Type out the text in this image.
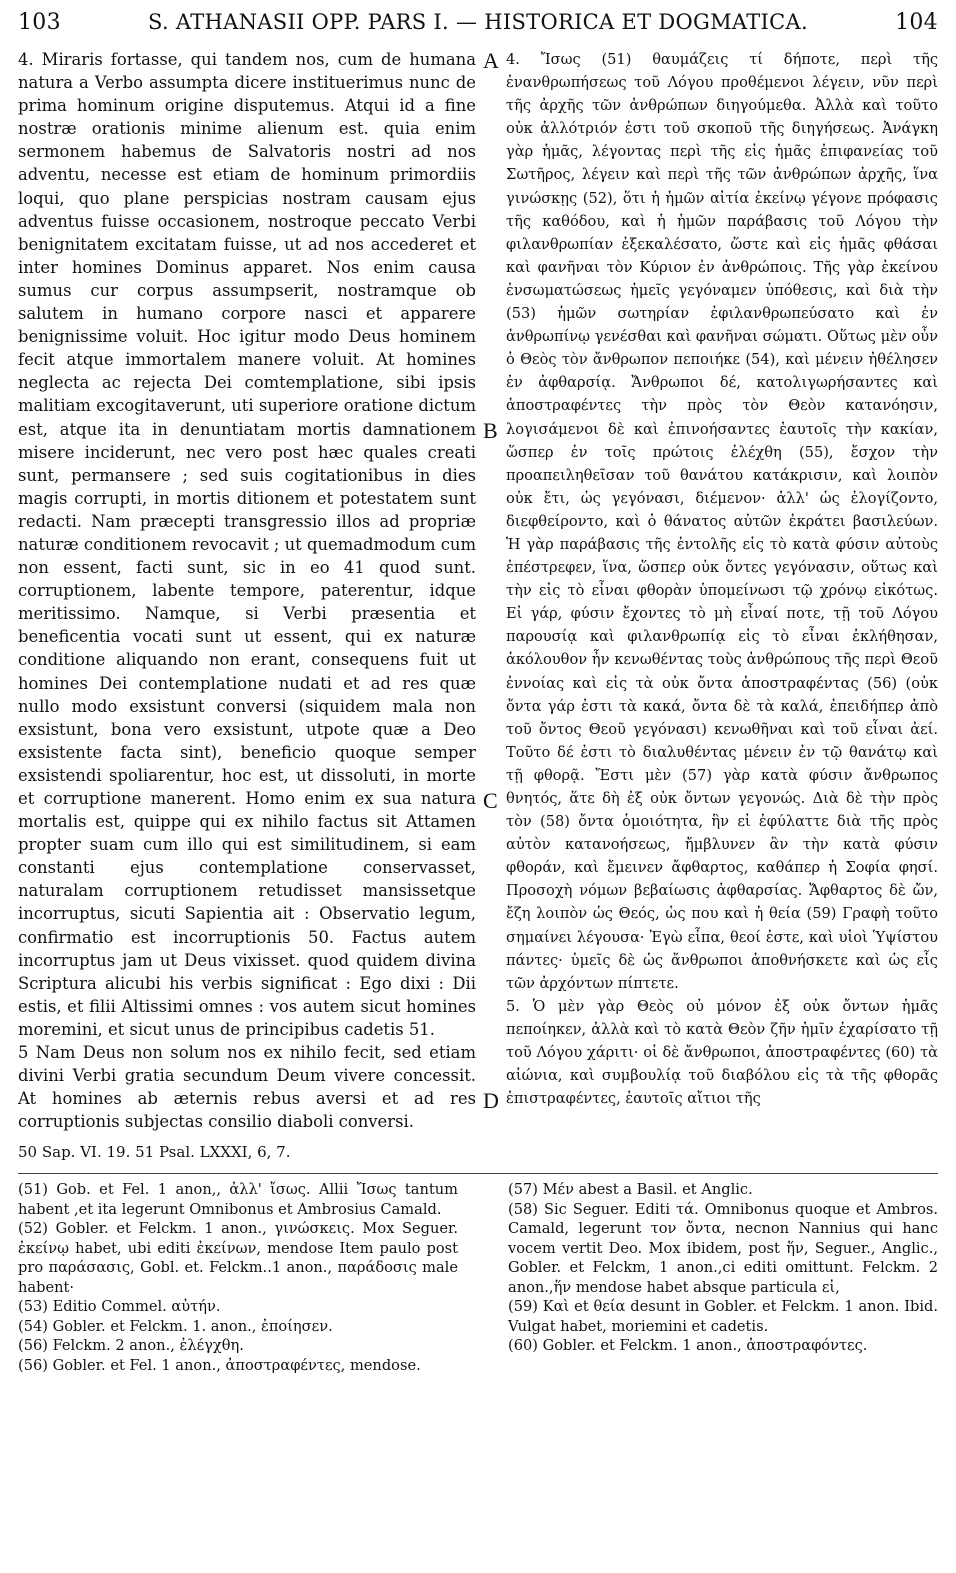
103	S. ATHANASII OPP. PARS I. — HISTORICA ET DOGMATICA.	104

4. Miraris fortasse, qui tandem nos, cum de humana natura a Verbo assumpta dicere instituerimus nunc de prima hominum origine disputemus. Atqui id a fine nostræ orationis minime alienum est. quia enim sermonem habemus de Salvatoris nostri ad nos adventu, necesse est etiam de hominum primordiis loqui, quo plane perspicias nostram causam ejus adventus fuisse occasionem, nostroque peccato Verbi benignitatem excitatam fuisse, ut ad nos accederet et inter homines Dominus apparet. Nos enim causa sumus cur corpus assumpserit, nostramque ob salutem in humano corpore nasci et apparere benignissime voluit. Hoc igitur modo Deus hominem fecit atque immortalem manere voluit. At homines neglecta ac rejecta Dei comtemplatione, sibi ipsis malitiam excogitaverunt, uti superiore oratione dictum est, atque ita in denuntiatam mortis damnationem misere inciderunt, nec vero post hæc quales creati sunt, permansere ; sed suis cogitationibus in dies magis corrupti, in mortis ditionem et potestatem sunt redacti. Nam præcepti transgressio illos ad propriæ naturæ conditionem revocavit ; ut quemadmodum cum non essent, facti sunt, sic in eo 41 quod sunt. corruptionem, labente tempore, paterentur, idque meritissimo. Namque, si Verbi præsentia et beneficentia vocati sunt ut essent, qui ex naturæ conditione aliquando non erant, consequens fuit ut homines Dei contemplatione nudati et ad res quæ nullo modo exsistunt conversi (siquidem mala non exsistunt, bona vero exsistunt, utpote quæ a Deo exsistente facta sint), beneficio quoque semper exsistendi spoliarentur, hoc est, ut dissoluti, in morte et corruptione manerent. Homo enim ex sua natura mortalis est, quippe qui ex nihilo factus sit Attamen propter suam cum illo qui est similitudinem, si eam constanti ejus contemplatione conservasset, naturalam corruptionem retudisset mansissetque incorruptus, sicuti Sapientia ait : Observatio legum, confirmatio est incorruptionis 50. Factus autem incorruptus jam ut Deus vixisset. quod quidem divina Scriptura alicubi his verbis significat : Ego dixi : Dii estis, et filii Altissimi omnes : vos autem sicut homines moremini, et sicut unus de principibus cadetis 51.

5 Nam Deus non solum nos ex nihilo fecit, sed etiam divini Verbi gratia secundum Deum vivere concessit. At homines ab æternis rebus aversi et ad res corruptionis subjectas consilio diaboli conversi.

A
B
C
D

4. Ἴσως (51) θαυμάζεις τί δήποτε, περὶ τῆς ἐνανθρωπήσεως τοῦ Λόγου προθέμενοι λέγειν, νῦν περὶ τῆς ἀρχῆς τῶν ἀνθρώπων διηγούμεθα. Ἀλλὰ καὶ τοῦτο οὐκ ἀλλότριόν ἐστι τοῦ σκοποῦ τῆς διηγήσεως. Ἀνάγκη γὰρ ἡμᾶς, λέγοντας περὶ τῆς εἰς ἡμᾶς ἐπιφανείας τοῦ Σωτῆρος, λέγειν καὶ περὶ τῆς τῶν ἀνθρώπων ἀρχῆς, ἵνα γινώσκῃς (52), ὅτι ἡ ἡμῶν αἰτία ἐκείνῳ γέγονε πρόφασις τῆς καθόδου, καὶ ἡ ἡμῶν παράβασις τοῦ Λόγου τὴν φιλανθρωπίαν ἐξεκαλέσατο, ὥστε καὶ εἰς ἡμᾶς φθάσαι καὶ φανῆναι τὸν Κύριον ἐν ἀνθρώποις. Τῆς γὰρ ἐκείνου ἐνσωματώσεως ἡμεῖς γεγόναμεν ὑπόθεσις, καὶ διὰ τὴν (53) ἡμῶν σωτηρίαν ἐφιλανθρωπεύσατο καὶ ἐν ἀνθρωπίνῳ γενέσθαι καὶ φανῆναι σώματι. Οὕτως μὲν οὖν ὁ Θεὸς τὸν ἄνθρωπον πεποιήκε (54), καὶ μένειν ἠθέλησεν ἐν ἀφθαρσίᾳ. Ἄνθρωποι δέ, κατολιγωρήσαντες καὶ ἀποστραφέντες τὴν πρὸς τὸν Θεὸν κατανόησιν, λογισάμενοι δὲ καὶ ἐπινοήσαντες ἑαυτοῖς τὴν κακίαν, ὥσπερ ἐν τοῖς πρώτοις ἐλέχθη (55), ἔσχον τὴν προαπειληθεῖσαν τοῦ θανάτου κατάκρισιν, καὶ λοιπὸν οὐκ ἔτι, ὡς γεγόνασι, διέμενον· ἀλλ' ὡς ἐλογίζοντο, διεφθείροντο, καὶ ὁ θάνατος αὐτῶν ἐκράτει βασιλεύων. Ἡ γὰρ παράβασις τῆς ἐντολῆς εἰς τὸ κατὰ φύσιν αὐτοὺς ἐπέστρεφεν, ἵνα, ὥσπερ οὐκ ὄντες γεγόνασιν, οὕτως καὶ τὴν εἰς τὸ εἶναι φθορὰν ὑπομείνωσι τῷ χρόνῳ εἰκότως. Εἰ γάρ, φύσιν ἔχοντες τὸ μὴ εἶναί ποτε, τῇ τοῦ Λόγου παρουσίᾳ καὶ φιλανθρωπίᾳ εἰς τὸ εἶναι ἐκλήθησαν, ἀκόλουθον ἦν κενωθέντας τοὺς ἀνθρώπους τῆς περὶ Θεοῦ ἐννοίας καὶ εἰς τὰ οὐκ ὄντα ἀποστραφέντας (56) (οὐκ ὄντα γάρ ἐστι τὰ κακά, ὄντα δὲ τὰ καλά, ἐπειδήπερ ἀπὸ τοῦ ὄντος Θεοῦ γεγόνασι) κενωθῆναι καὶ τοῦ εἶναι ἀεί. Τοῦτο δέ ἐστι τὸ διαλυθέντας μένειν ἐν τῷ θανάτῳ καὶ τῇ φθορᾷ. Ἔστι μὲν (57) γὰρ κατὰ φύσιν ἄνθρωπος θνητός, ἅτε δὴ ἐξ οὐκ ὄντων γεγονώς. Διὰ δὲ τὴν πρὸς τὸν (58) ὄντα ὁμοιότητα, ἣν εἰ ἐφύλαττε διὰ τῆς πρὸς αὐτὸν κατανοήσεως, ἤμβλυνεν ἂν τὴν κατὰ φύσιν φθοράν, καὶ ἔμεινεν ἄφθαρτος, καθάπερ ἡ Σοφία φησί. Προσοχὴ νόμων βεβαίωσις ἀφθαρσίας. Ἄφθαρτος δὲ ὤν, ἔζη λοιπὸν ὡς Θεός, ὡς που καὶ ἡ θεία (59) Γραφὴ τοῦτο σημαίνει λέγουσα· Ἐγὼ εἶπα, θεοί ἐστε, καὶ υἱοὶ Ὑψίστου πάντες· ὑμεῖς δὲ ὡς ἄνθρωποι ἀποθνήσκετε καὶ ὡς εἷς τῶν ἀρχόντων πίπτετε.

5. Ὁ μὲν γὰρ Θεὸς οὐ μόνον ἐξ οὐκ ὄντων ἡμᾶς πεποίηκεν, ἀλλὰ καὶ τὸ κατὰ Θεὸν ζῆν ἡμῖν ἐχαρίσατο τῇ τοῦ Λόγου χάριτι· οἱ δὲ ἄνθρωποι, ἀποστραφέντες (60) τὰ αἰώνια, καὶ συμβουλίᾳ τοῦ διαβόλου εἰς τὰ τῆς φθορᾶς ἐπιστραφέντες, ἑαυτοῖς αἴτιοι τῆς

50 Sap. VI. 19. 51 Psal. LXXXI, 6, 7.

(51) Gob. et Fel. 1 anon,, ἀλλ' ἴσως. Allii Ἴσως tantum habent ,et ita legerunt Omnibonus et Ambrosius Camald.

(52) Gobler. et Felckm. 1 anon., γινώσκεις. Mox Seguer. ἐκείνῳ habet, ubi editi ἐκείνων, mendose Item paulo post pro παράσασις, Gobl. et. Felckm..1 anon., παράδοσις male habent·

(53) Editio Commel. αὐτήν.

(54) Gobler. et Felckm. 1. anon., ἐποίησεν.

(56) Felckm. 2 anon., ἐλέγχθη.

(56) Gobler. et Fel. 1 anon., ἀποστραφέντες, mendose.

(57) Μέν abest a Basil. et Anglic.

(58) Sic Seguer. Editi τά. Omnibonus quoque et Ambros. Camald, legerunt τον ὄντα, necnon Nannius qui hanc vocem vertit Deo. Mox ibidem, post ἥν, Seguer., Anglic., Gobler. et Felckm, 1 anon.,ci editi omittunt. Felckm. 2 anon.,ἥν mendose habet absque particula εἰ,

(59) Καὶ et θεία desunt in Gobler. et Felckm. 1 anon. Ibid. Vulgat habet, moriemini et cadetis.

(60) Gobler. et Felckm. 1 anon., ἀποστραφόντες.
